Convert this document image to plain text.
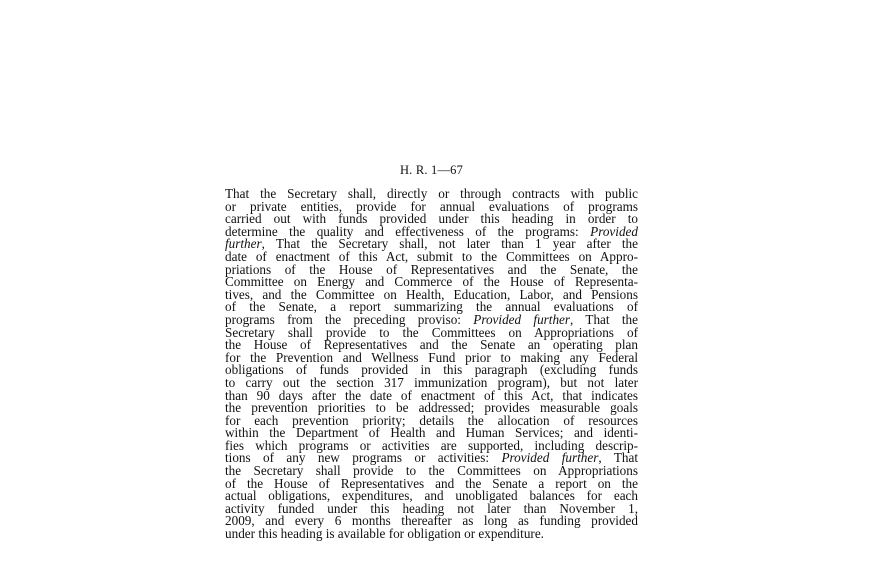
H. R. 1—67
That the Secretary shall, directly or through contracts with public
or private entities, provide for annual evaluations of programs
carried out with funds provided under this heading in order to
determine the quality and effectiveness of the programs: Provided
further, That the Secretary shall, not later than 1 year after the
date of enactment of this Act, submit to the Committees on Appro-
priations of the House of Representatives and the Senate, the
Committee on Energy and Commerce of the House of Representa-
tives, and the Committee on Health, Education, Labor, and Pensions
of the Senate, a report summarizing the annual evaluations of
programs from the preceding proviso: Provided further, That the
Secretary shall provide to the Committees on Appropriations of
the House of Representatives and the Senate an operating plan
for the Prevention and Wellness Fund prior to making any Federal
obligations of funds provided in this paragraph (excluding funds
to carry out the section 317 immunization program), but not later
than 90 days after the date of enactment of this Act, that indicates
the prevention priorities to be addressed; provides measurable goals
for each prevention priority; details the allocation of resources
within the Department of Health and Human Services; and identi-
fies which programs or activities are supported, including descrip-
tions of any new programs or activities: Provided further, That
the Secretary shall provide to the Committees on Appropriations
of the House of Representatives and the Senate a report on the
actual obligations, expenditures, and unobligated balances for each
activity funded under this heading not later than November 1,
2009, and every 6 months thereafter as long as funding provided
under this heading is available for obligation or expenditure.
